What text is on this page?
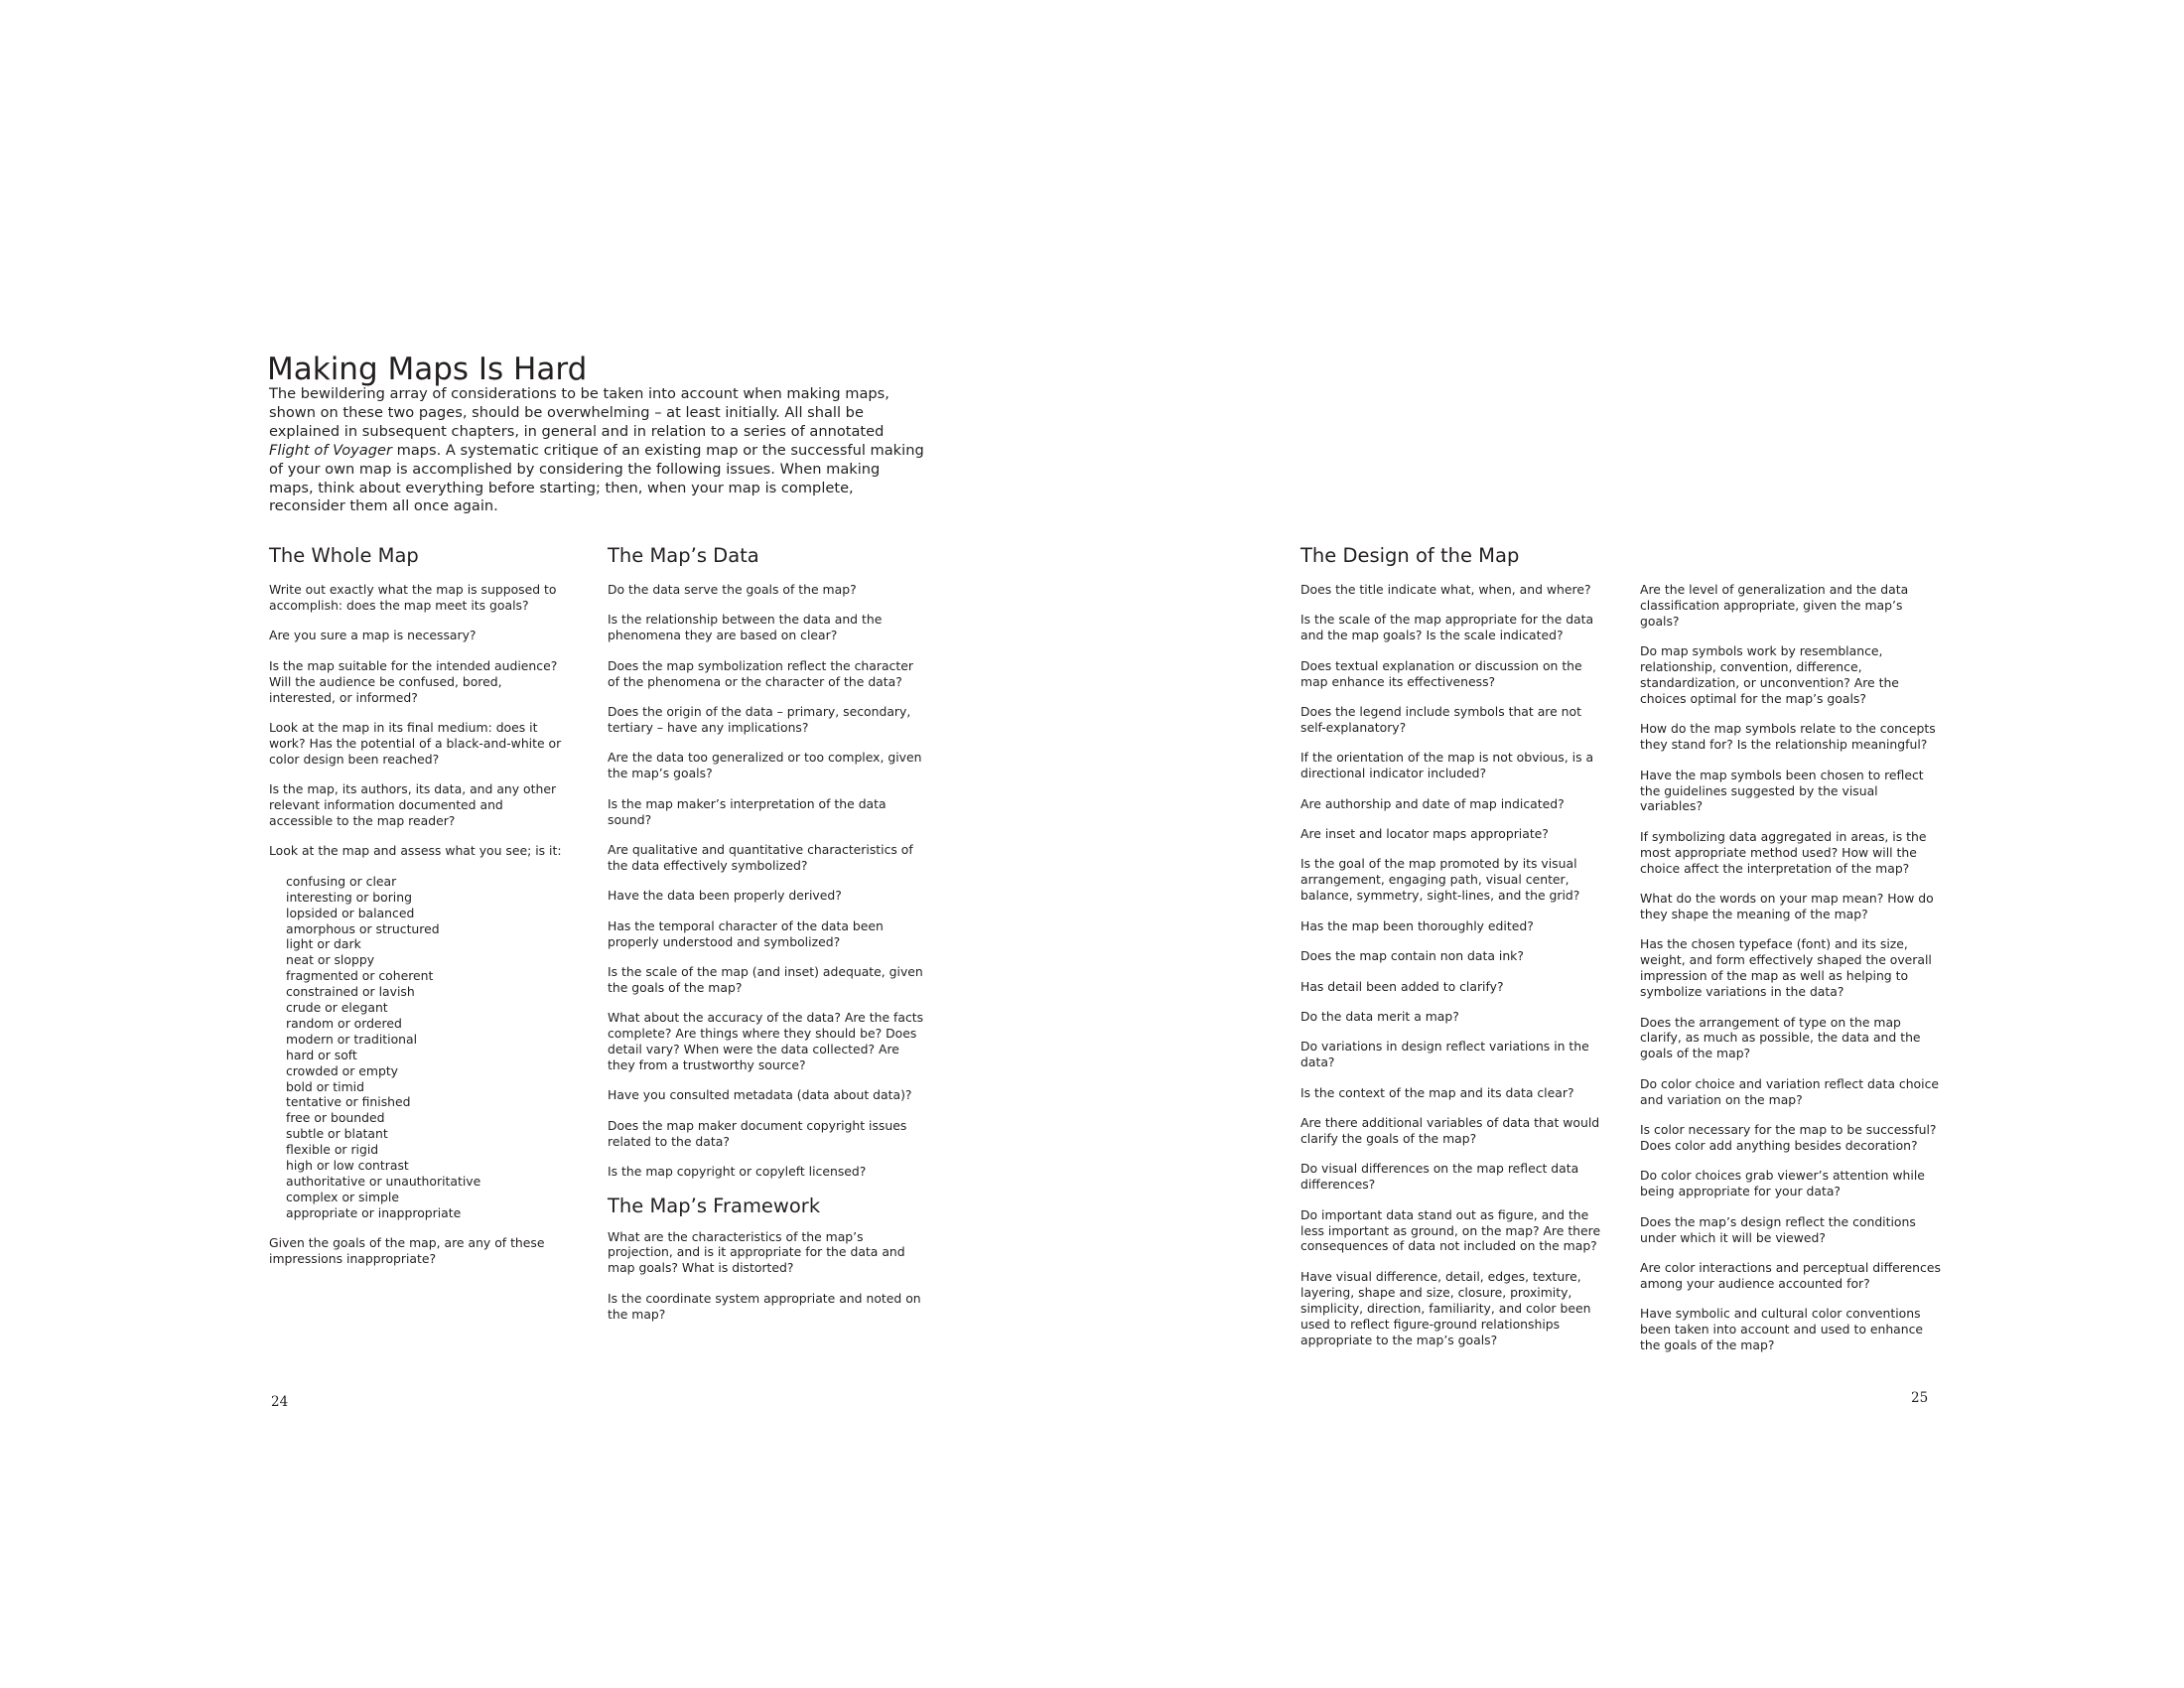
Making Maps Is Hard

The bewildering array of considerations to be taken into account when making maps, shown on these two pages, should be overwhelming – at least initially. All shall be explained in subsequent chapters, in general and in relation to a series of annotated Flight of Voyager maps. A systematic critique of an existing map or the successful making of your own map is accomplished by considering the following issues. When making maps, think about everything before starting; then, when your map is complete, reconsider them all once again.

The Whole Map

Write out exactly what the map is supposed to accomplish: does the map meet its goals?

Are you sure a map is necessary?

Is the map suitable for the intended audience? Will the audience be confused, bored, interested, or informed?

Look at the map in its final medium: does it work? Has the potential of a black-and-white or color design been reached?

Is the map, its authors, its data, and any other relevant information documented and accessible to the map reader?

Look at the map and assess what you see; is it:

confusing or clear
interesting or boring
lopsided or balanced
amorphous or structured
light or dark
neat or sloppy
fragmented or coherent
constrained or lavish
crude or elegant
random or ordered
modern or traditional
hard or soft
crowded or empty
bold or timid
tentative or finished
free or bounded
subtle or blatant
flexible or rigid
high or low contrast
authoritative or unauthoritative
complex or simple
appropriate or inappropriate

Given the goals of the map, are any of these impressions inappropriate?

The Map’s Data

Do the data serve the goals of the map?

Is the relationship between the data and the phenomena they are based on clear?

Does the map symbolization reflect the character of the phenomena or the character of the data?

Does the origin of the data – primary, secondary, tertiary – have any implications?

Are the data too generalized or too complex, given the map’s goals?

Is the map maker’s interpretation of the data sound?

Are qualitative and quantitative characteristics of the data effectively symbolized?

Have the data been properly derived?

Has the temporal character of the data been properly understood and symbolized?

Is the scale of the map (and inset) adequate, given the goals of the map?

What about the accuracy of the data? Are the facts complete? Are things where they should be? Does detail vary? When were the data collected? Are they from a trustworthy source?

Have you consulted metadata (data about data)?

Does the map maker document copyright issues related to the data?

Is the map copyright or copyleft licensed?

The Map’s Framework

What are the characteristics of the map’s projection, and is it appropriate for the data and map goals? What is distorted?

Is the coordinate system appropriate and noted on the map?

The Design of the Map

Does the title indicate what, when, and where?

Is the scale of the map appropriate for the data and the map goals? Is the scale indicated?

Does textual explanation or discussion on the map enhance its effectiveness?

Does the legend include symbols that are not self-explanatory?

If the orientation of the map is not obvious, is a directional indicator included?

Are authorship and date of map indicated?

Are inset and locator maps appropriate?

Is the goal of the map promoted by its visual arrangement, engaging path, visual center, balance, symmetry, sight-lines, and the grid?

Has the map been thoroughly edited?

Does the map contain non data ink?

Has detail been added to clarify?

Do the data merit a map?

Do variations in design reflect variations in the data?

Is the context of the map and its data clear?

Are there additional variables of data that would clarify the goals of the map?

Do visual differences on the map reflect data differences?

Do important data stand out as figure, and the less important as ground, on the map? Are there consequences of data not included on the map?

Have visual difference, detail, edges, texture, layering, shape and size, closure, proximity, simplicity, direction, familiarity, and color been used to reflect figure-ground relationships appropriate to the map’s goals?

Are the level of generalization and the data classification appropriate, given the map’s goals?

Do map symbols work by resemblance, relationship, convention, difference, standardization, or unconvention? Are the choices optimal for the map’s goals?

How do the map symbols relate to the concepts they stand for? Is the relationship meaningful?

Have the map symbols been chosen to reflect the guidelines suggested by the visual variables?

If symbolizing data aggregated in areas, is the most appropriate method used? How will the choice affect the interpretation of the map?

What do the words on your map mean? How do they shape the meaning of the map?

Has the chosen typeface (font) and its size, weight, and form effectively shaped the overall impression of the map as well as helping to symbolize variations in the data?

Does the arrangement of type on the map clarify, as much as possible, the data and the goals of the map?

Do color choice and variation reflect data choice and variation on the map?

Is color necessary for the map to be successful? Does color add anything besides decoration?

Do color choices grab viewer’s attention while being appropriate for your data?

Does the map’s design reflect the conditions under which it will be viewed?

Are color interactions and perceptual differences among your audience accounted for?

Have symbolic and cultural color conventions been taken into account and used to enhance the goals of the map?

24	25
